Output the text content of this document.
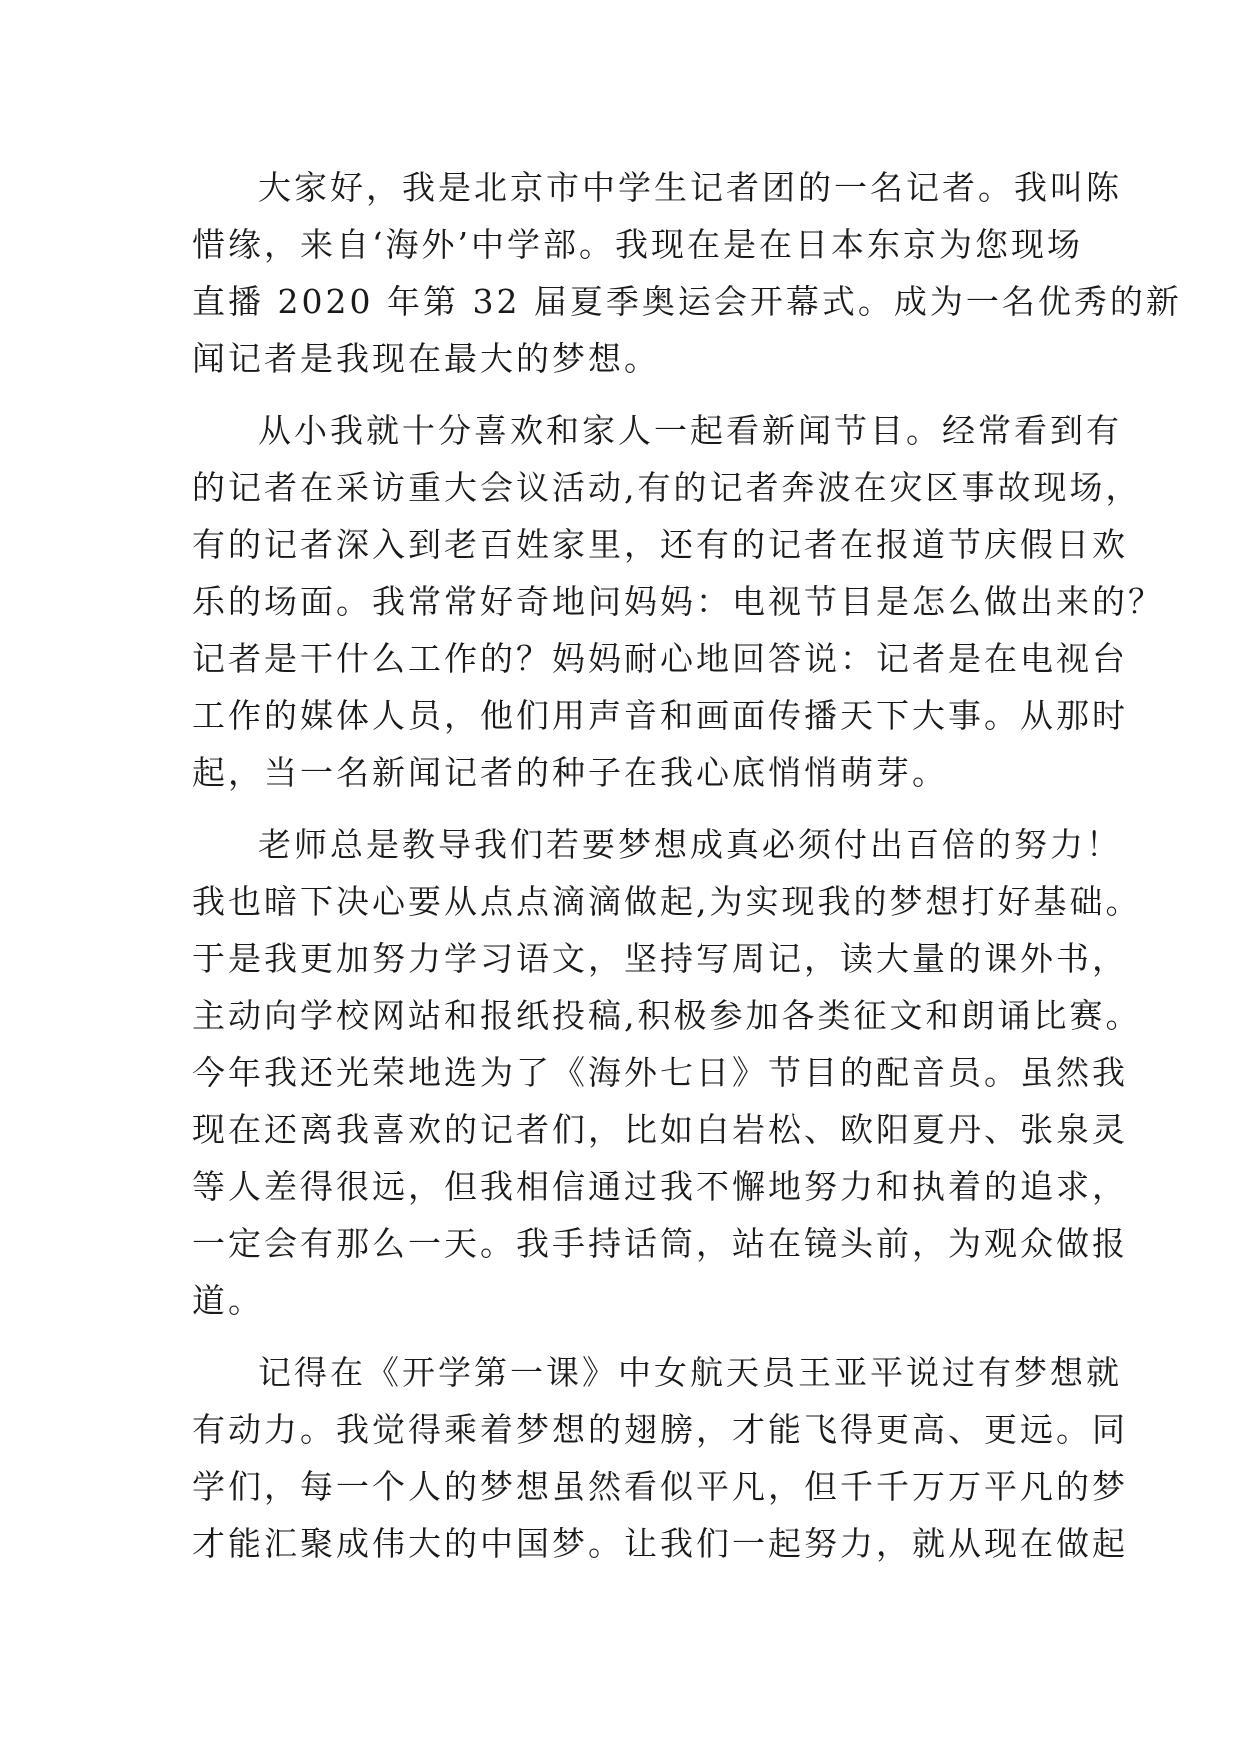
大家好，我是北京市中学生记者团的一名记者。我叫陈
惜缘，来自‘海外’中学部。我现在是在日本东京为您现场
直播 2020 年第 32 届夏季奥运会开幕式。成为一名优秀的新
闻记者是我现在最大的梦想。
从小我就十分喜欢和家人一起看新闻节目。经常看到有
的记者在采访重大会议活动,有的记者奔波在灾区事故现场，
有的记者深入到老百姓家里，还有的记者在报道节庆假日欢
乐的场面。我常常好奇地问妈妈：电视节目是怎么做出来的？
记者是干什么工作的？妈妈耐心地回答说：记者是在电视台
工作的媒体人员，他们用声音和画面传播天下大事。从那时
起，当一名新闻记者的种子在我心底悄悄萌芽。
老师总是教导我们若要梦想成真必须付出百倍的努力！
我也暗下决心要从点点滴滴做起,为实现我的梦想打好基础。
于是我更加努力学习语文，坚持写周记，读大量的课外书，
主动向学校网站和报纸投稿,积极参加各类征文和朗诵比赛。
今年我还光荣地选为了《海外七日》节目的配音员。虽然我
现在还离我喜欢的记者们，比如白岩松、欧阳夏丹、张泉灵
等人差得很远，但我相信通过我不懈地努力和执着的追求，
一定会有那么一天。我手持话筒，站在镜头前，为观众做报
道。
记得在《开学第一课》中女航天员王亚平说过有梦想就
有动力。我觉得乘着梦想的翅膀，才能飞得更高、更远。同
学们，每一个人的梦想虽然看似平凡，但千千万万平凡的梦
才能汇聚成伟大的中国梦。让我们一起努力，就从现在做起
